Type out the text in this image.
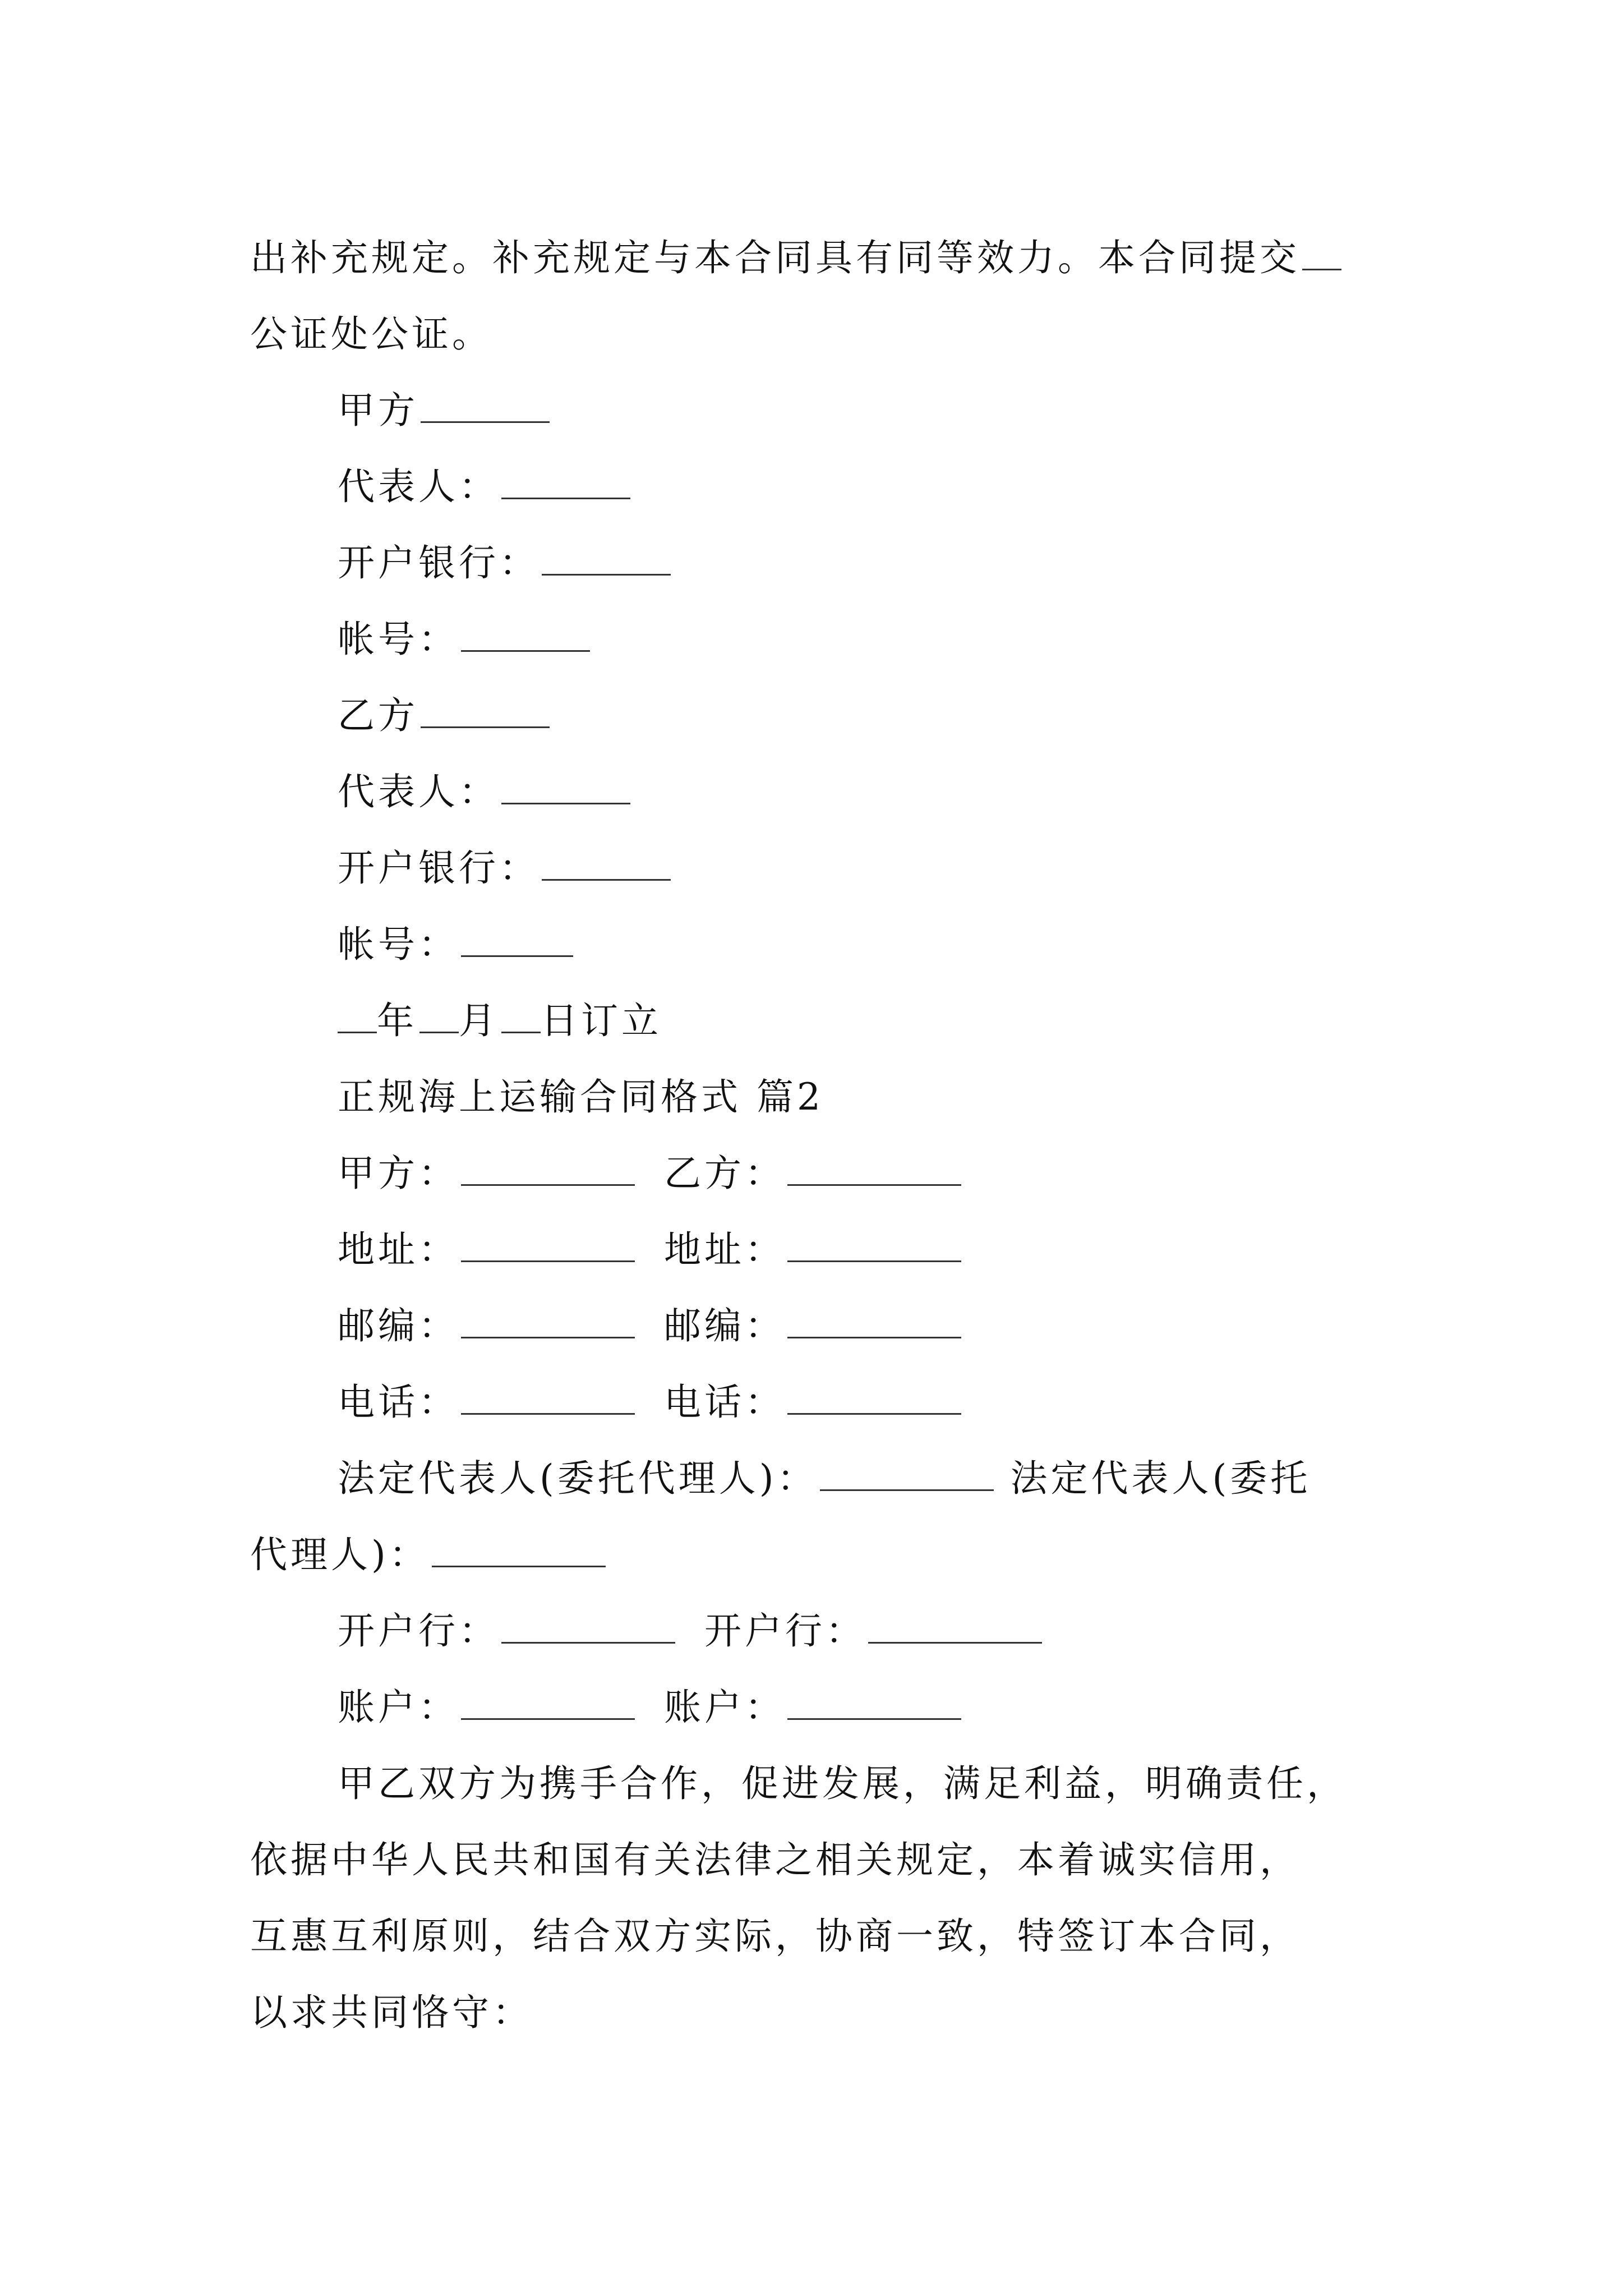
出补充规定。补充规定与本合同具有同等效力。本合同提交
公证处公证。
甲方
代表人：
开户银行：
帐号：
乙方
代表人：
开户银行：
帐号：
年 月 日订立
正规海上运输合同格式 篇2
甲方：	乙方：
地址：	地址：
邮编：	邮编：
电话：	电话：
法定代表人(委托代理人)：	法定代表人(委托
代理人)：
开户行：	开户行：
账户：	账户：
甲乙双方为携手合作，促进发展，满足利益，明确责任，
依据中华人民共和国有关法律之相关规定，本着诚实信用，
互惠互利原则，结合双方实际，协商一致，特签订本合同，
以求共同恪守：
